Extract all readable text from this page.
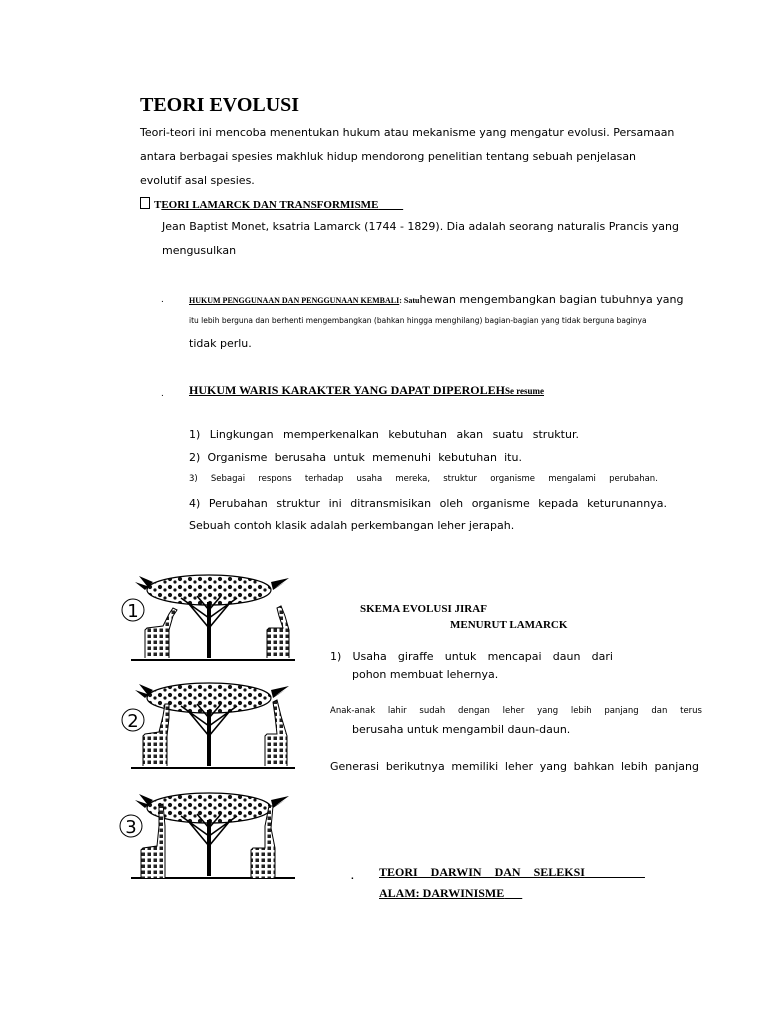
TEORI EVOLUSI
Teori-teori ini mencoba menentukan hukum atau mekanisme yang mengatur evolusi. Persamaan
antara berbagai spesies makhluk hidup mendorong penelitian tentang sebuah penjelasan
evolutif asal spesies.
TEORI LAMARCK DAN TRANSFORMISME
Jean Baptist Monet, ksatria Lamarck (1744 - 1829). Dia adalah seorang naturalis Prancis yang
mengusulkan
.	HUKUM PENGGUNAAN DAN PENGGUNAAN KEMBALI: Satuhewan mengembangkan bagian tubuhnya yang
itu lebih berguna dan berhenti mengembangkan (bahkan hingga menghilang) bagian-bagian yang tidak berguna baginya
tidak perlu.
. HUKUM WARIS KARAKTER YANG DAPAT DIPEROLEHSe resume
1) Lingkungan memperkenalkan kebutuhan akan suatu struktur.
2) Organisme berusaha untuk memenuhi kebutuhan itu.
3) Sebagai respons terhadap usaha mereka, struktur organisme mengalami perubahan.
4) Perubahan struktur ini ditransmisikan oleh organisme kepada keturunannya.
Sebuah contoh klasik adalah perkembangan leher jerapah.
1
2
3
SKEMA EVOLUSI JIRAF
MENURUT LAMARCK
1) Usaha giraffe untuk mencapai daun dari
pohon membuat lehernya.
Anak-anak lahir sudah dengan leher yang lebih panjang dan terus
berusaha untuk mengambil daun-daun.
Generasi berikutnya memiliki leher yang bahkan lebih panjang
. TEORI DARWIN DAN SELEKSI
ALAM: DARWINISME
